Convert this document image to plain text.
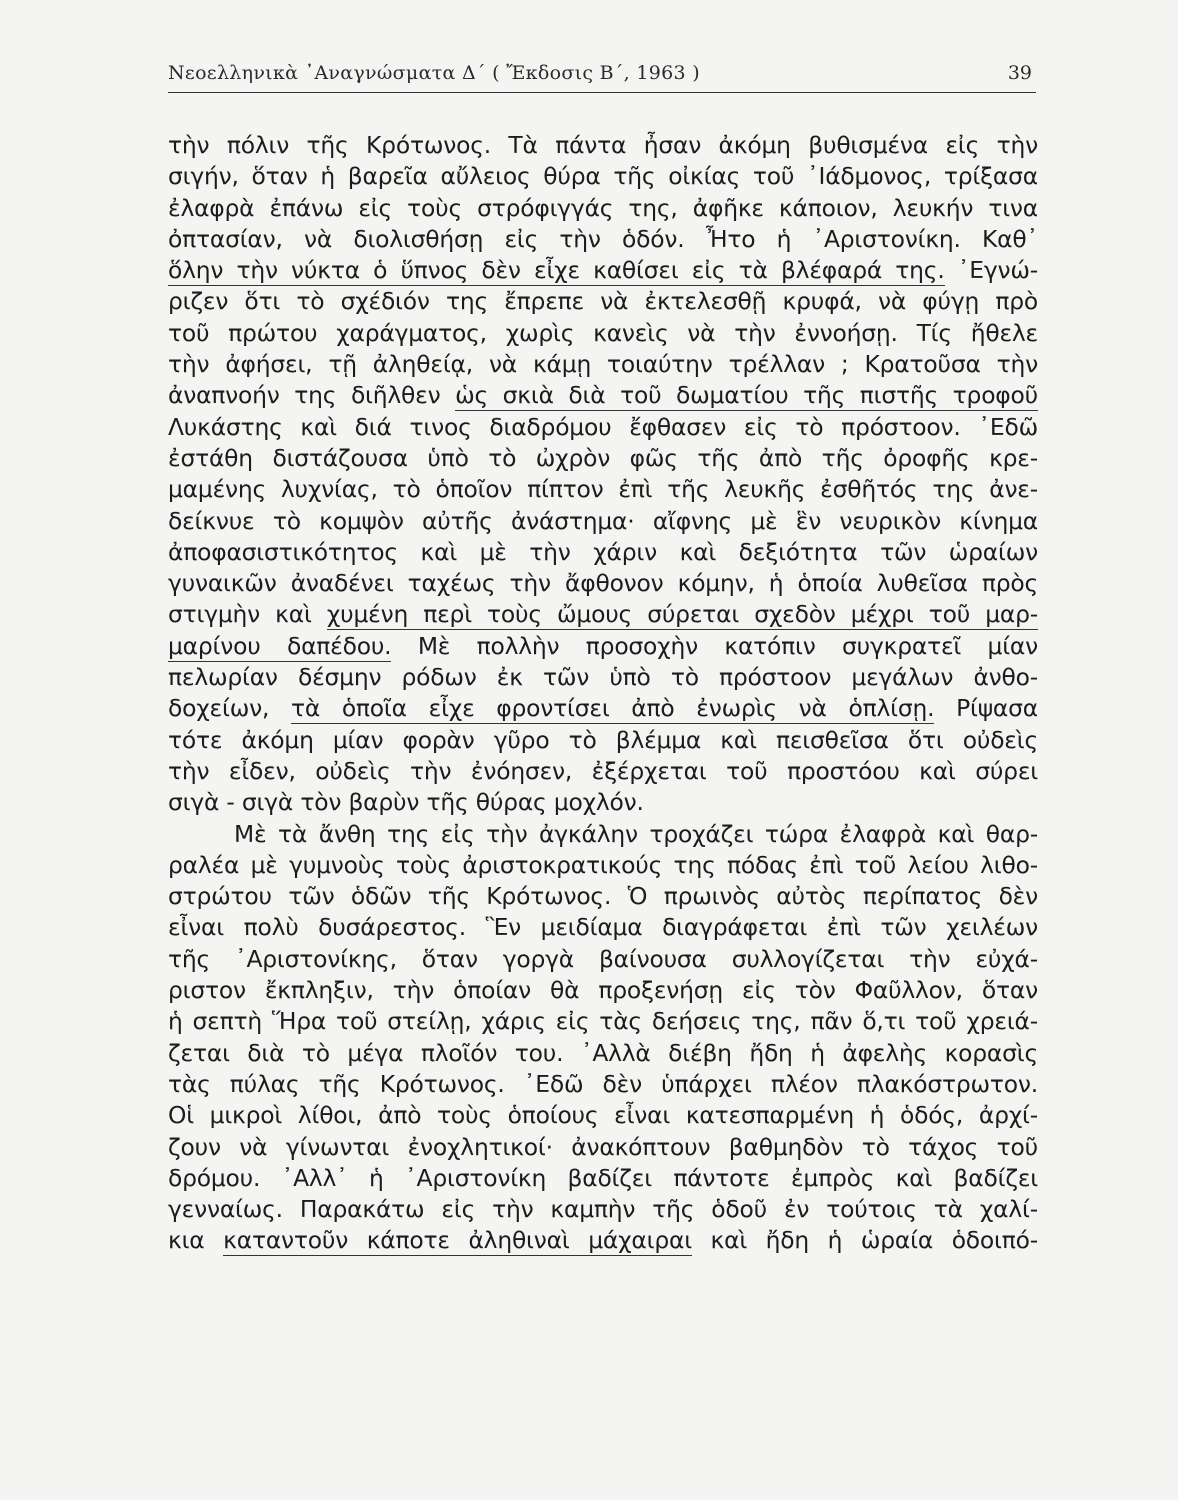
Νεοελληνικὰ ᾿Αναγνώσματα Δ΄ ( Ἔκδοσις Β΄, 1963 )	39
τὴν πόλιν τῆς Κρότωνος. Τὰ πάντα ἦσαν ἀκόμη βυθισμένα εἰς τὴν
σιγήν, ὅταν ἡ βαρεῖα αὔλειος θύρα τῆς οἰκίας τοῦ ᾿Ιάδμονος, τρίξασα
ἐλαφρὰ ἐπάνω εἰς τοὺς στρόφιγγάς της, ἀφῆκε κάποιον, λευκήν τινα
ὀπτασίαν, νὰ διολισθήσῃ εἰς τὴν ὁδόν. Ἦτο ἡ ᾿Αριστονίκη. Καθ᾿
ὅλην τὴν νύκτα ὁ ὕπνος δὲν εἶχε καθίσει εἰς τὰ βλέφαρά της. ᾿Εγνώ-
ριζεν ὅτι τὸ σχέδιόν της ἔπρεπε νὰ ἐκτελεσθῇ κρυφά, νὰ φύγῃ πρὸ
τοῦ πρώτου χαράγματος, χωρὶς κανεὶς νὰ τὴν ἐννοήσῃ. Τίς ἤθελε
τὴν ἀφήσει, τῇ ἀληθείᾳ, νὰ κάμῃ τοιαύτην τρέλλαν ; Κρατοῦσα τὴν
ἀναπνοήν της διῆλθεν ὡς σκιὰ διὰ τοῦ δωματίου τῆς πιστῆς τροφοῦ
Λυκάστης καὶ διά τινος διαδρόμου ἔφθασεν εἰς τὸ πρόστοον. ᾿Εδῶ
ἐστάθη διστάζουσα ὑπὸ τὸ ὠχρὸν φῶς τῆς ἀπὸ τῆς ὀροφῆς κρε-
μαμένης λυχνίας, τὸ ὁποῖον πίπτον ἐπὶ τῆς λευκῆς ἐσθῆτός της ἀνε-
δείκνυε τὸ κομψὸν αὐτῆς ἀνάστημα· αἴφνης μὲ ἓν νευρικὸν κίνημα
ἀποφασιστικότητος καὶ μὲ τὴν χάριν καὶ δεξιότητα τῶν ὡραίων
γυναικῶν ἀναδένει ταχέως τὴν ἄφθονον κόμην, ἡ ὁποία λυθεῖσα πρὸς
στιγμὴν καὶ χυμένη περὶ τοὺς ὤμους σύρεται σχεδὸν μέχρι τοῦ μαρ-
μαρίνου δαπέδου. Μὲ πολλὴν προσοχὴν κατόπιν συγκρατεῖ μίαν
πελωρίαν δέσμην ρόδων ἐκ τῶν ὑπὸ τὸ πρόστοον μεγάλων ἀνθο-
δοχείων, τὰ ὁποῖα εἶχε φροντίσει ἀπὸ ἐνωρὶς νὰ ὁπλίσῃ. Ρίψασα
τότε ἀκόμη μίαν φορὰν γῦρο τὸ βλέμμα καὶ πεισθεῖσα ὅτι οὐδεὶς
τὴν εἶδεν, οὐδεὶς τὴν ἐνόησεν, ἐξέρχεται τοῦ προστόου καὶ σύρει
σιγὰ - σιγὰ τὸν βαρὺν τῆς θύρας μοχλόν.
Μὲ τὰ ἄνθη της εἰς τὴν ἀγκάλην τροχάζει τώρα ἐλαφρὰ καὶ θαρ-
ραλέα μὲ γυμνοὺς τοὺς ἀριστοκρατικούς της πόδας ἐπὶ τοῦ λείου λιθο-
στρώτου τῶν ὁδῶν τῆς Κρότωνος. Ὁ πρωινὸς αὐτὸς περίπατος δὲν
εἶναι πολὺ δυσάρεστος. Ἓν μειδίαμα διαγράφεται ἐπὶ τῶν χειλέων
τῆς ᾿Αριστονίκης, ὅταν γοργὰ βαίνουσα συλλογίζεται τὴν εὐχά-
ριστον ἔκπληξιν, τὴν ὁποίαν θὰ προξενήσῃ εἰς τὸν Φαῦλλον, ὅταν
ἡ σεπτὴ Ἥρα τοῦ στείλῃ, χάρις εἰς τὰς δεήσεις της, πᾶν ὅ,τι τοῦ χρειά-
ζεται διὰ τὸ μέγα πλοῖόν του. ᾿Αλλὰ διέβη ἤδη ἡ ἀφελὴς κορασὶς
τὰς πύλας τῆς Κρότωνος. ᾿Εδῶ δὲν ὑπάρχει πλέον πλακόστρωτον.
Οἱ μικροὶ λίθοι, ἀπὸ τοὺς ὁποίους εἶναι κατεσπαρμένη ἡ ὁδός, ἀρχί-
ζουν νὰ γίνωνται ἐνοχλητικοί· ἀνακόπτουν βαθμηδὸν τὸ τάχος τοῦ
δρόμου. ᾿Αλλ᾿ ἡ ᾿Αριστονίκη βαδίζει πάντοτε ἐμπρὸς καὶ βαδίζει
γενναίως. Παρακάτω εἰς τὴν καμπὴν τῆς ὁδοῦ ἐν τούτοις τὰ χαλί-
κια καταντοῦν κάποτε ἀληθιναὶ μάχαιραι καὶ ἤδη ἡ ὡραία ὁδοιπό-
